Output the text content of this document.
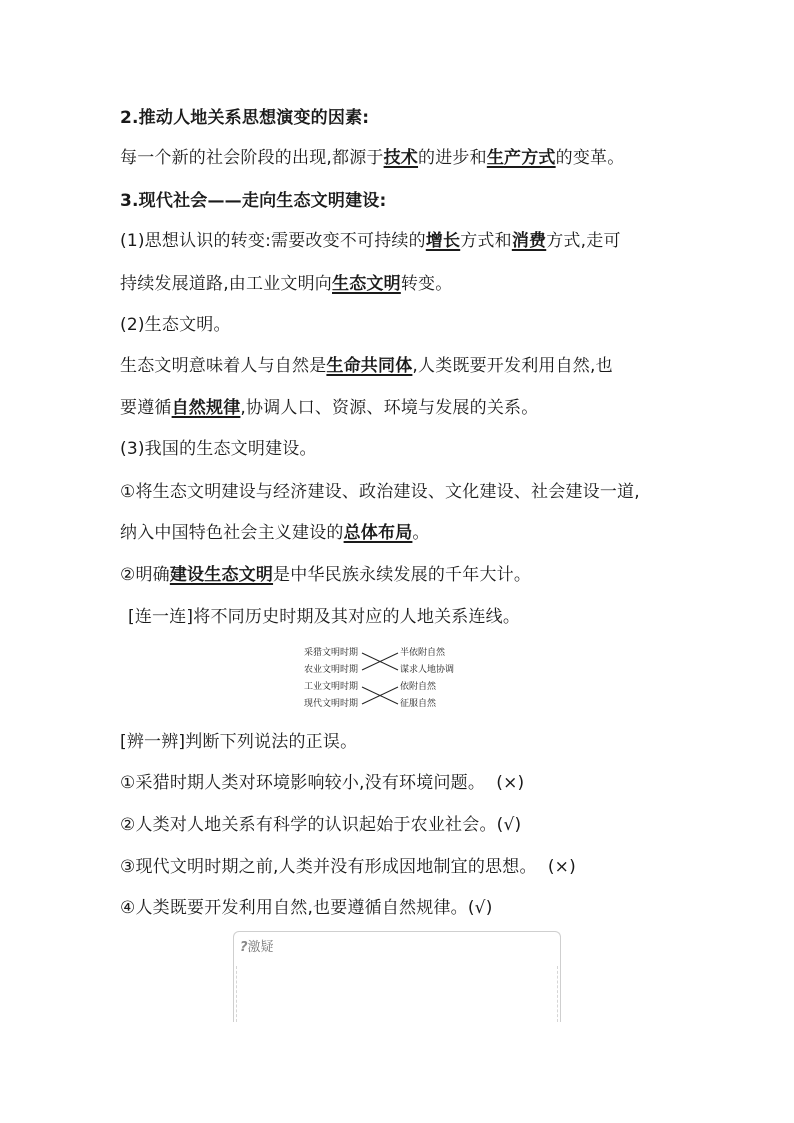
2.推动人地关系思想演变的因素:
每一个新的社会阶段的出现,都源于技术的进步和生产方式的变革。
3.现代社会——走向生态文明建设:
(1)思想认识的转变:需要改变不可持续的增长方式和消费方式,走可
持续发展道路,由工业文明向生态文明转变。
(2)生态文明。
生态文明意味着人与自然是生命共同体,人类既要开发利用自然,也
要遵循自然规律,协调人口、资源、环境与发展的关系。
(3)我国的生态文明建设。
①将生态文明建设与经济建设、政治建设、文化建设、社会建设一道,
纳入中国特色社会主义建设的总体布局。
②明确建设生态文明是中华民族永续发展的千年大计。
[连一连]将不同历史时期及其对应的人地关系连线。
采猎文明时期
农业文明时期
工业文明时期
现代文明时期
半依附自然
谋求人地协调
依附自然
征服自然
[辨一辨]判断下列说法的正误。
①采猎时期人类对环境影响较小,没有环境问题。  (×)
②人类对人地关系有科学的认识起始于农业社会。(√)
③现代文明时期之前,人类并没有形成因地制宜的思想。  (×)
④人类既要开发利用自然,也要遵循自然规律。(√)
?激疑
